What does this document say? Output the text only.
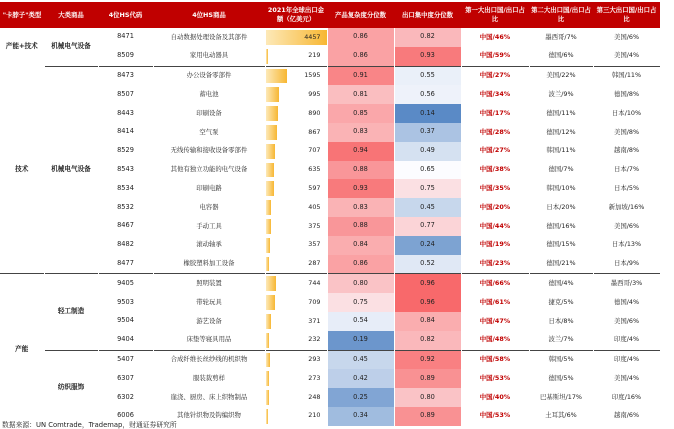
"卡脖子"类型	大类商品	4位HS代码	4位HS商品	2021年全球出口金额（亿美元）	产品复杂度分位数	出口集中度分位数	第一大出口国/出口占比	第二大出口国/出口占比	第三大出口国/出口占比
产能+技术	机械电气设备	8471	自动数据处理设备及其部件	4457	0.86	0.82	中国/46%	墨西哥/7%	美国/6%
		8509	家用电动器具	219	0.86	0.93	中国/59%	德国/6%	美国/4%
技术	机械电气设备	8473	办公设备零部件	1595	0.91	0.55	中国/27%	美国/22%	韩国/11%
		8507	蓄电池	995	0.81	0.56	中国/34%	波兰/9%	德国/8%
		8443	印刷设备	890	0.85	0.14	中国/17%	德国/11%	日本/10%
		8414	空气泵	867	0.83	0.37	中国/28%	德国/12%	美国/8%
		8529	无线传输和接收设备零部件	707	0.94	0.49	中国/27%	韩国/11%	越南/8%
		8543	其他有独立功能的电气设备	635	0.88	0.65	中国/38%	德国/7%	日本/7%
		8534	印刷电路	597	0.93	0.75	中国/35%	韩国/10%	日本/5%
		8532	电容器	405	0.83	0.45	中国/20%	日本/20%	新加坡/16%
		8467	手动工具	375	0.88	0.77	中国/44%	德国/16%	美国/6%
		8482	滚动轴承	357	0.84	0.24	中国/19%	德国/15%	日本/13%
		8477	橡胶塑料加工设备	287	0.86	0.52	中国/23%	德国/21%	日本/9%
产能	轻工制造	9405	照明装置	744	0.80	0.96	中国/66%	德国/4%	墨西哥/3%
		9503	带轮玩具	709	0.75	0.96	中国/61%	捷克/5%	德国/4%
		9504	游艺设备	371	0.54	0.84	中国/47%	日本/8%	美国/6%
		9404	床垫等寝具用品	232	0.19	0.82	中国/48%	波兰/7%	印度/4%
	纺织服饰	5407	合成纤维长丝纱线的机织物	293	0.45	0.92	中国/58%	韩国/5%	印度/4%
		6307	服装裁剪样	273	0.42	0.89	中国/53%	德国/5%	美国/4%
		6302	崖浇、厨房、床上织物制品	248	0.25	0.80	中国/40%	巴基斯坦/17%	印度/16%
		6006	其他针织物及钩编织物	210	0.34	0.89	中国/53%	土耳其/6%	越南/6%
数据来源：UN Comtrade，Trademap，财通证券研究所
